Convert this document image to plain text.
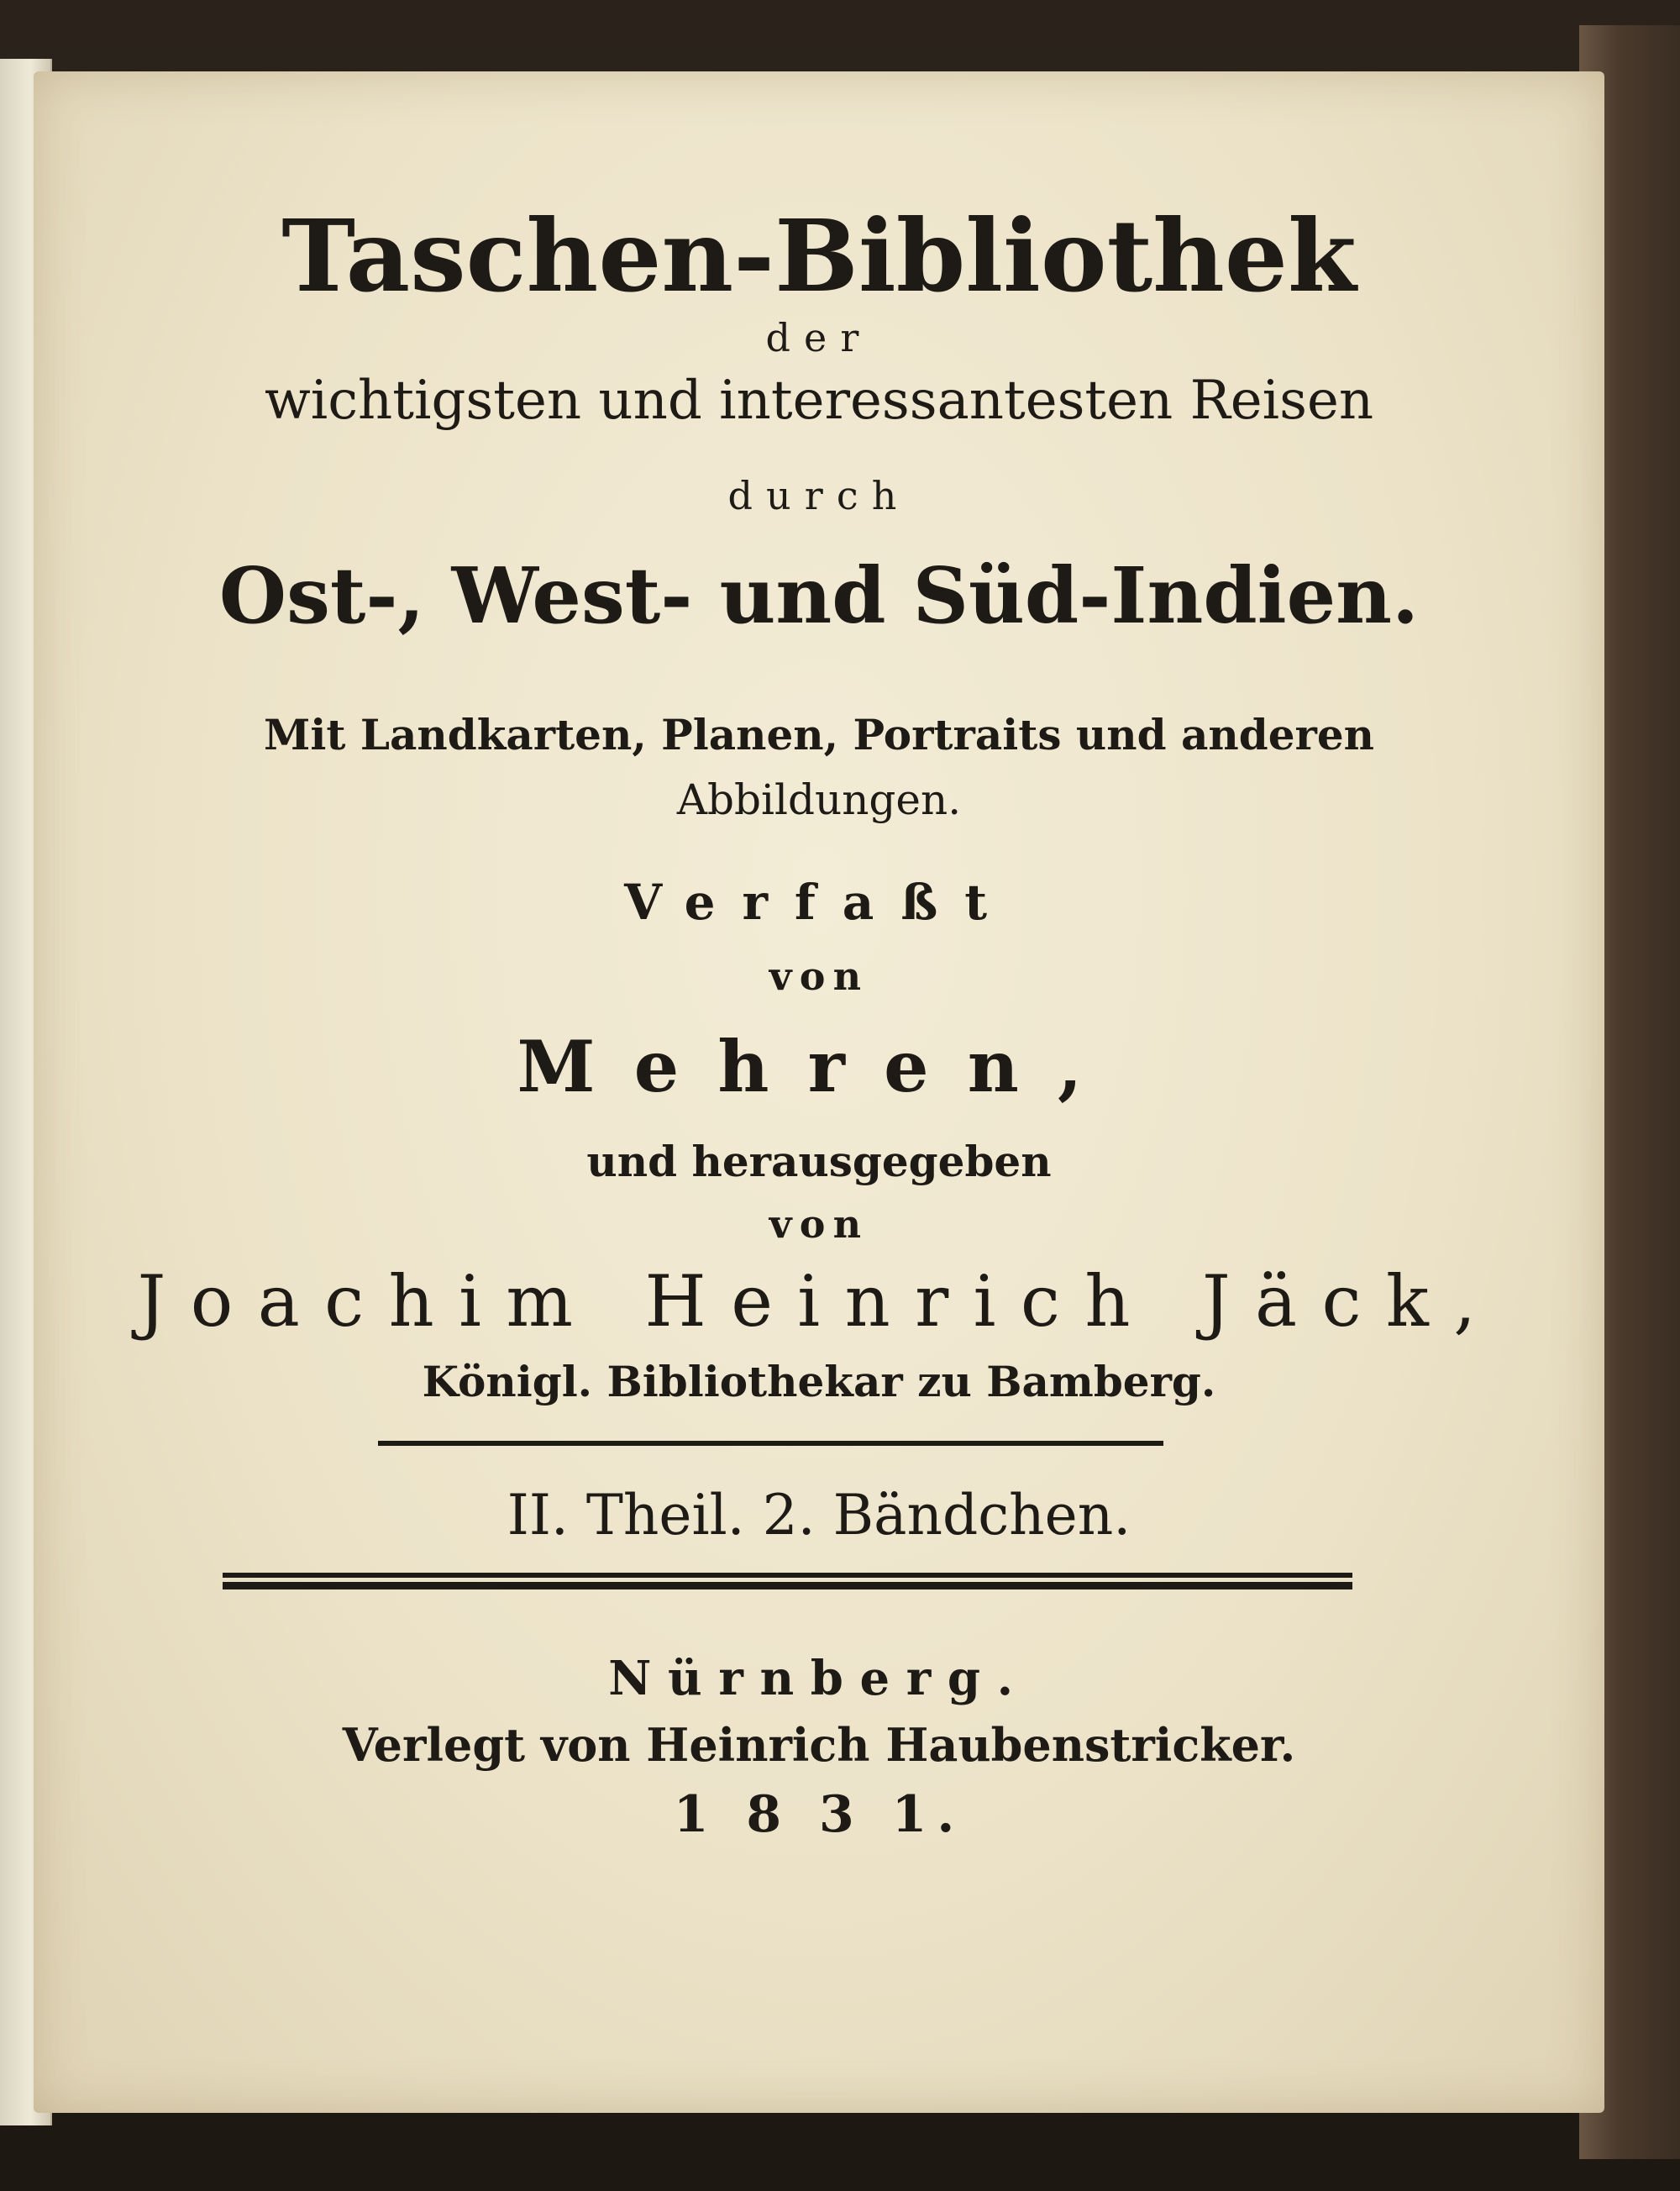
Taschen-Bibliothek
der
wichtigsten und interessantesten Reisen
durch
Ost-, West- und Süd-Indien.
Mit Landkarten, Planen, Portraits und anderen
Abbildungen.
Verfaßt
von
Mehren,
und herausgegeben
von
Joachim Heinrich Jäck,
Königl. Bibliothekar zu Bamberg.
II. Theil. 2. Bändchen.
Nürnberg.
Verlegt von Heinrich Haubenstricker.
1 8 3 1.
